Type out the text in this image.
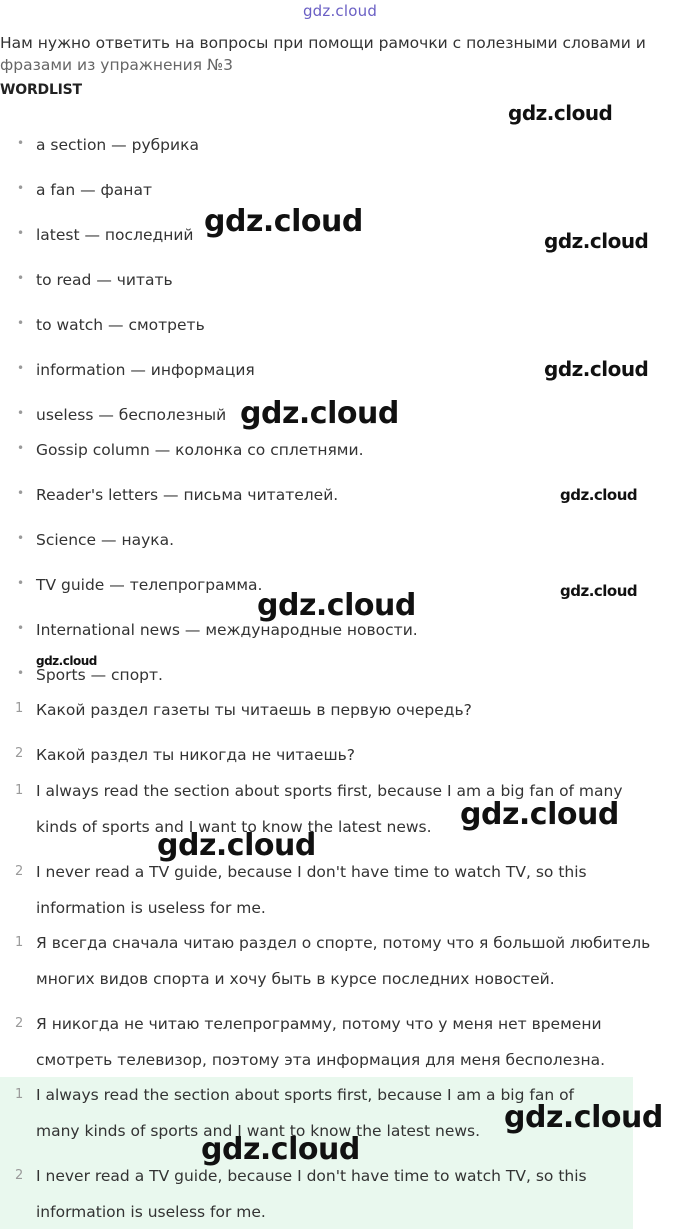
gdz.cloud
Нам нужно ответить на вопросы при помощи рамочки с полезными словами и
фразами из упражнения №3
WORDLIST
• a section — рубрика
• a fan — фанат
• latest — последний
• to read — читать
• to watch — смотреть
• information — информация
• useless — бесполезный
• Gossip column — колонка со сплетнями.
• Reader's letters — письма читателей.
• Science — наука.
• TV guide — телепрограмма.
• International news — международные новости.
• Sports — спорт.
1 Какой раздел газеты ты читаешь в первую очередь?
2 Какой раздел ты никогда не читаешь?
1 I always read the section about sports first, because I am a big fan of many
kinds of sports and I want to know the latest news.
2 I never read a TV guide, because I don't have time to watch TV, so this
information is useless for me.
1 Я всегда сначала читаю раздел о спорте, потому что я большой любитель
многих видов спорта и хочу быть в курсе последних новостей.
2 Я никогда не читаю телепрограмму, потому что у меня нет времени
смотреть телевизор, поэтому эта информация для меня бесполезна.
1 I always read the section about sports first, because I am a big fan of
many kinds of sports and I want to know the latest news.
2 I never read a TV guide, because I don't have time to watch TV, so this
information is useless for me.
gdz.cloud
gdz.cloud
gdz.cloud
gdz.cloud
gdz.cloud
gdz.cloud
gdz.cloud
gdz.cloud
gdz.cloud
gdz.cloud
gdz.cloud
gdz.cloud
gdz.cloud
